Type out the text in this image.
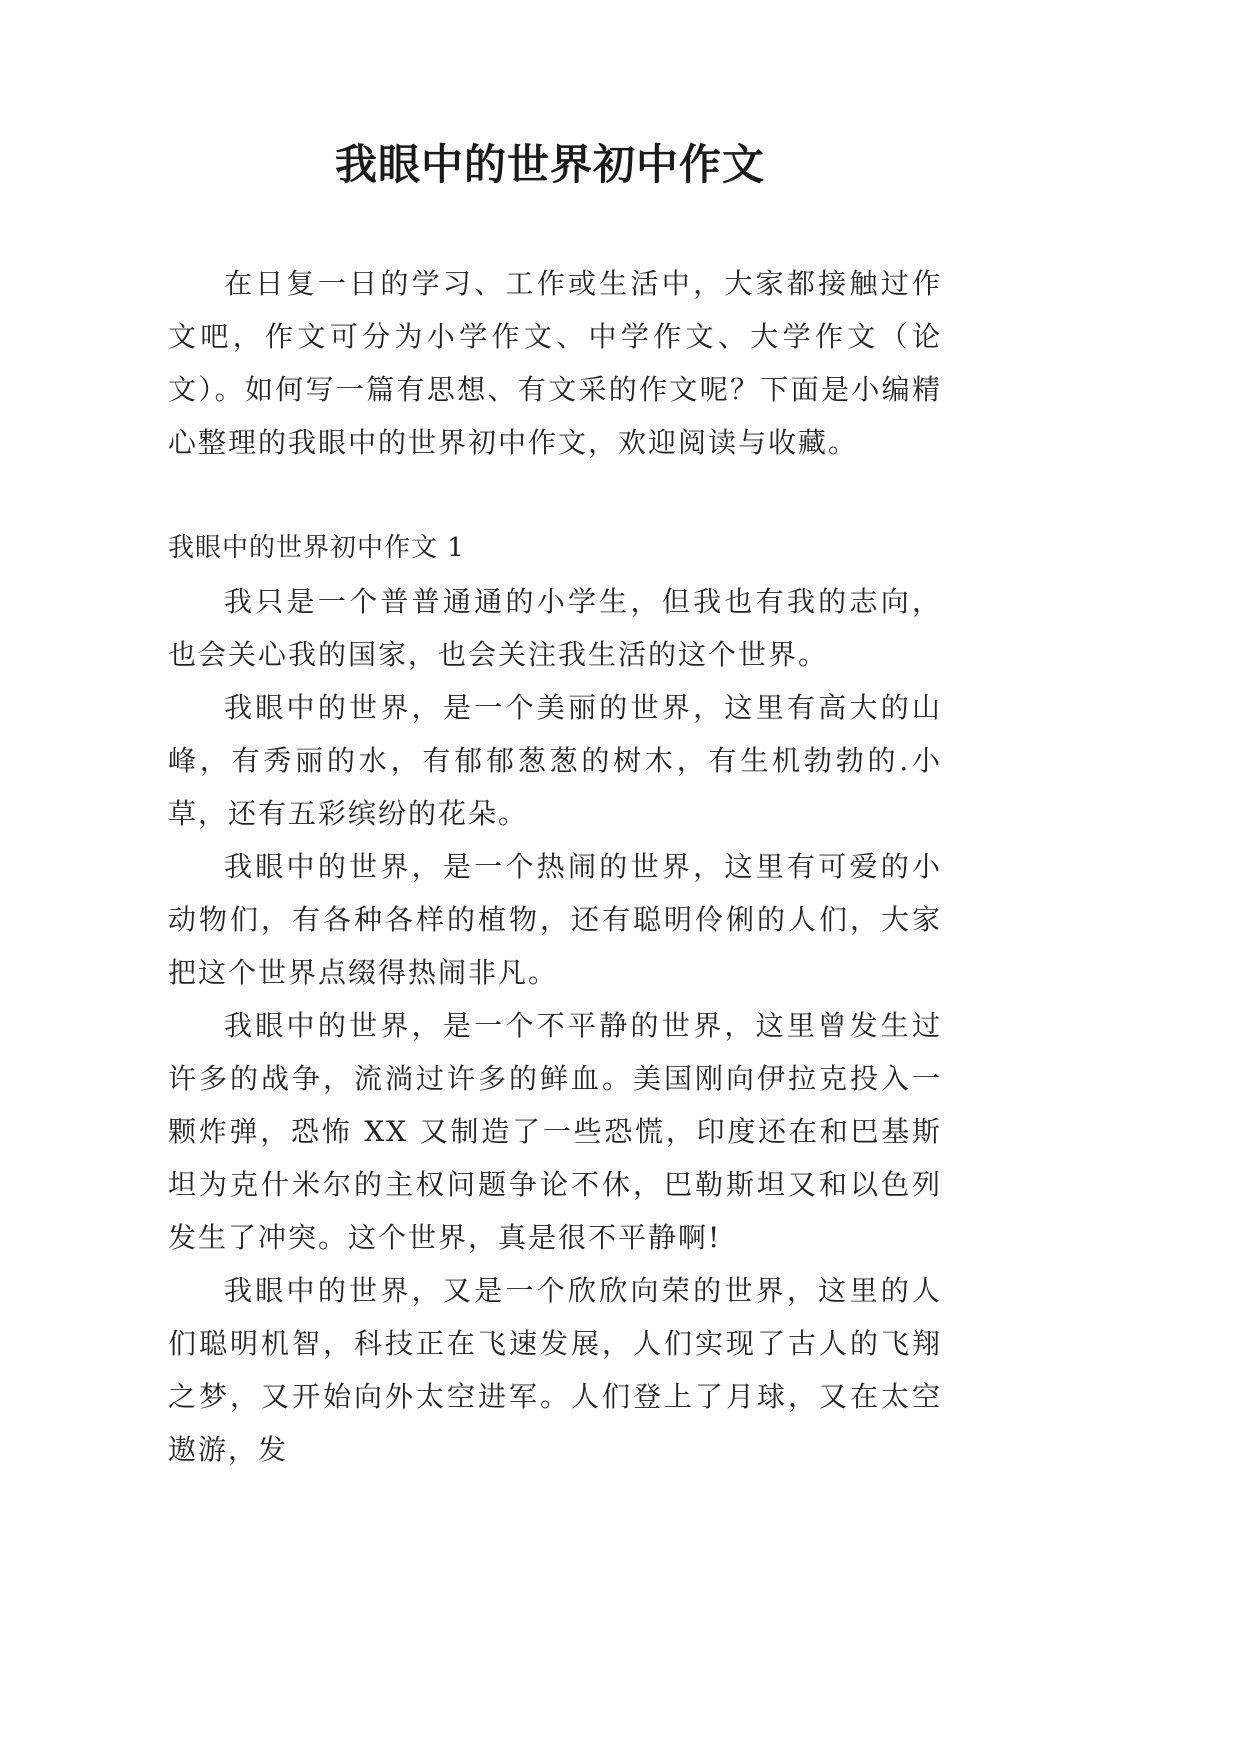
我眼中的世界初中作文

在日复一日的学习、工作或生活中，大家都接触过作文吧，作文可分为小学作文、中学作文、大学作文（论文）。如何写一篇有思想、有文采的作文呢？下面是小编精心整理的我眼中的世界初中作文，欢迎阅读与收藏。

我眼中的世界初中作文 1

我只是一个普普通通的小学生，但我也有我的志向，也会关心我的国家，也会关注我生活的这个世界。

我眼中的世界，是一个美丽的世界，这里有高大的山峰，有秀丽的水，有郁郁葱葱的树木，有生机勃勃的.小草，还有五彩缤纷的花朵。

我眼中的世界，是一个热闹的世界，这里有可爱的小动物们，有各种各样的植物，还有聪明伶俐的人们，大家把这个世界点缀得热闹非凡。

我眼中的世界，是一个不平静的世界，这里曾发生过许多的战争，流淌过许多的鲜血。美国刚向伊拉克投入一颗炸弹，恐怖 XX 又制造了一些恐慌，印度还在和巴基斯坦为克什米尔的主权问题争论不休，巴勒斯坦又和以色列发生了冲突。这个世界，真是很不平静啊!

我眼中的世界，又是一个欣欣向荣的世界，这里的人们聪明机智，科技正在飞速发展，人们实现了古人的飞翔之梦，又开始向外太空进军。人们登上了月球，又在太空遨游，发
